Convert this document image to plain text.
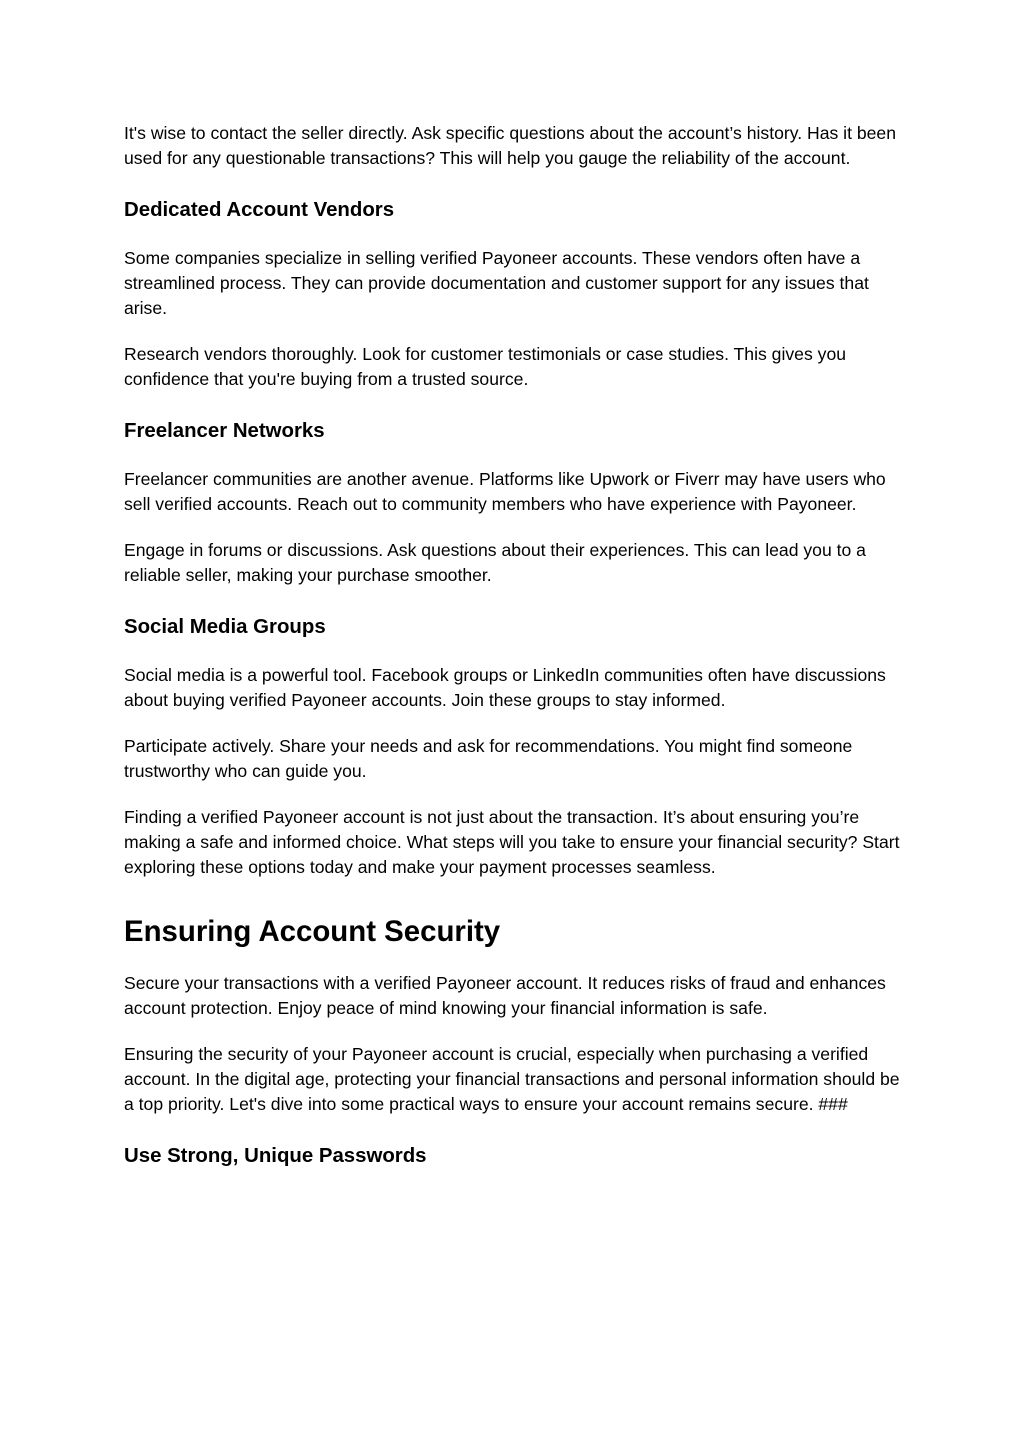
It's wise to contact the seller directly. Ask specific questions about the account’s history. Has it been used for any questionable transactions? This will help you gauge the reliability of the account.

Dedicated Account Vendors

Some companies specialize in selling verified Payoneer accounts. These vendors often have a streamlined process. They can provide documentation and customer support for any issues that arise.

Research vendors thoroughly. Look for customer testimonials or case studies. This gives you confidence that you're buying from a trusted source.

Freelancer Networks

Freelancer communities are another avenue. Platforms like Upwork or Fiverr may have users who sell verified accounts. Reach out to community members who have experience with Payoneer.

Engage in forums or discussions. Ask questions about their experiences. This can lead you to a reliable seller, making your purchase smoother.

Social Media Groups

Social media is a powerful tool. Facebook groups or LinkedIn communities often have discussions about buying verified Payoneer accounts. Join these groups to stay informed.

Participate actively. Share your needs and ask for recommendations. You might find someone trustworthy who can guide you.

Finding a verified Payoneer account is not just about the transaction. It’s about ensuring you’re making a safe and informed choice. What steps will you take to ensure your financial security? Start exploring these options today and make your payment processes seamless.

Ensuring Account Security

Secure your transactions with a verified Payoneer account. It reduces risks of fraud and enhances account protection. Enjoy peace of mind knowing your financial information is safe.

Ensuring the security of your Payoneer account is crucial, especially when purchasing a verified account. In the digital age, protecting your financial transactions and personal information should be a top priority. Let's dive into some practical ways to ensure your account remains secure. ###

Use Strong, Unique Passwords
